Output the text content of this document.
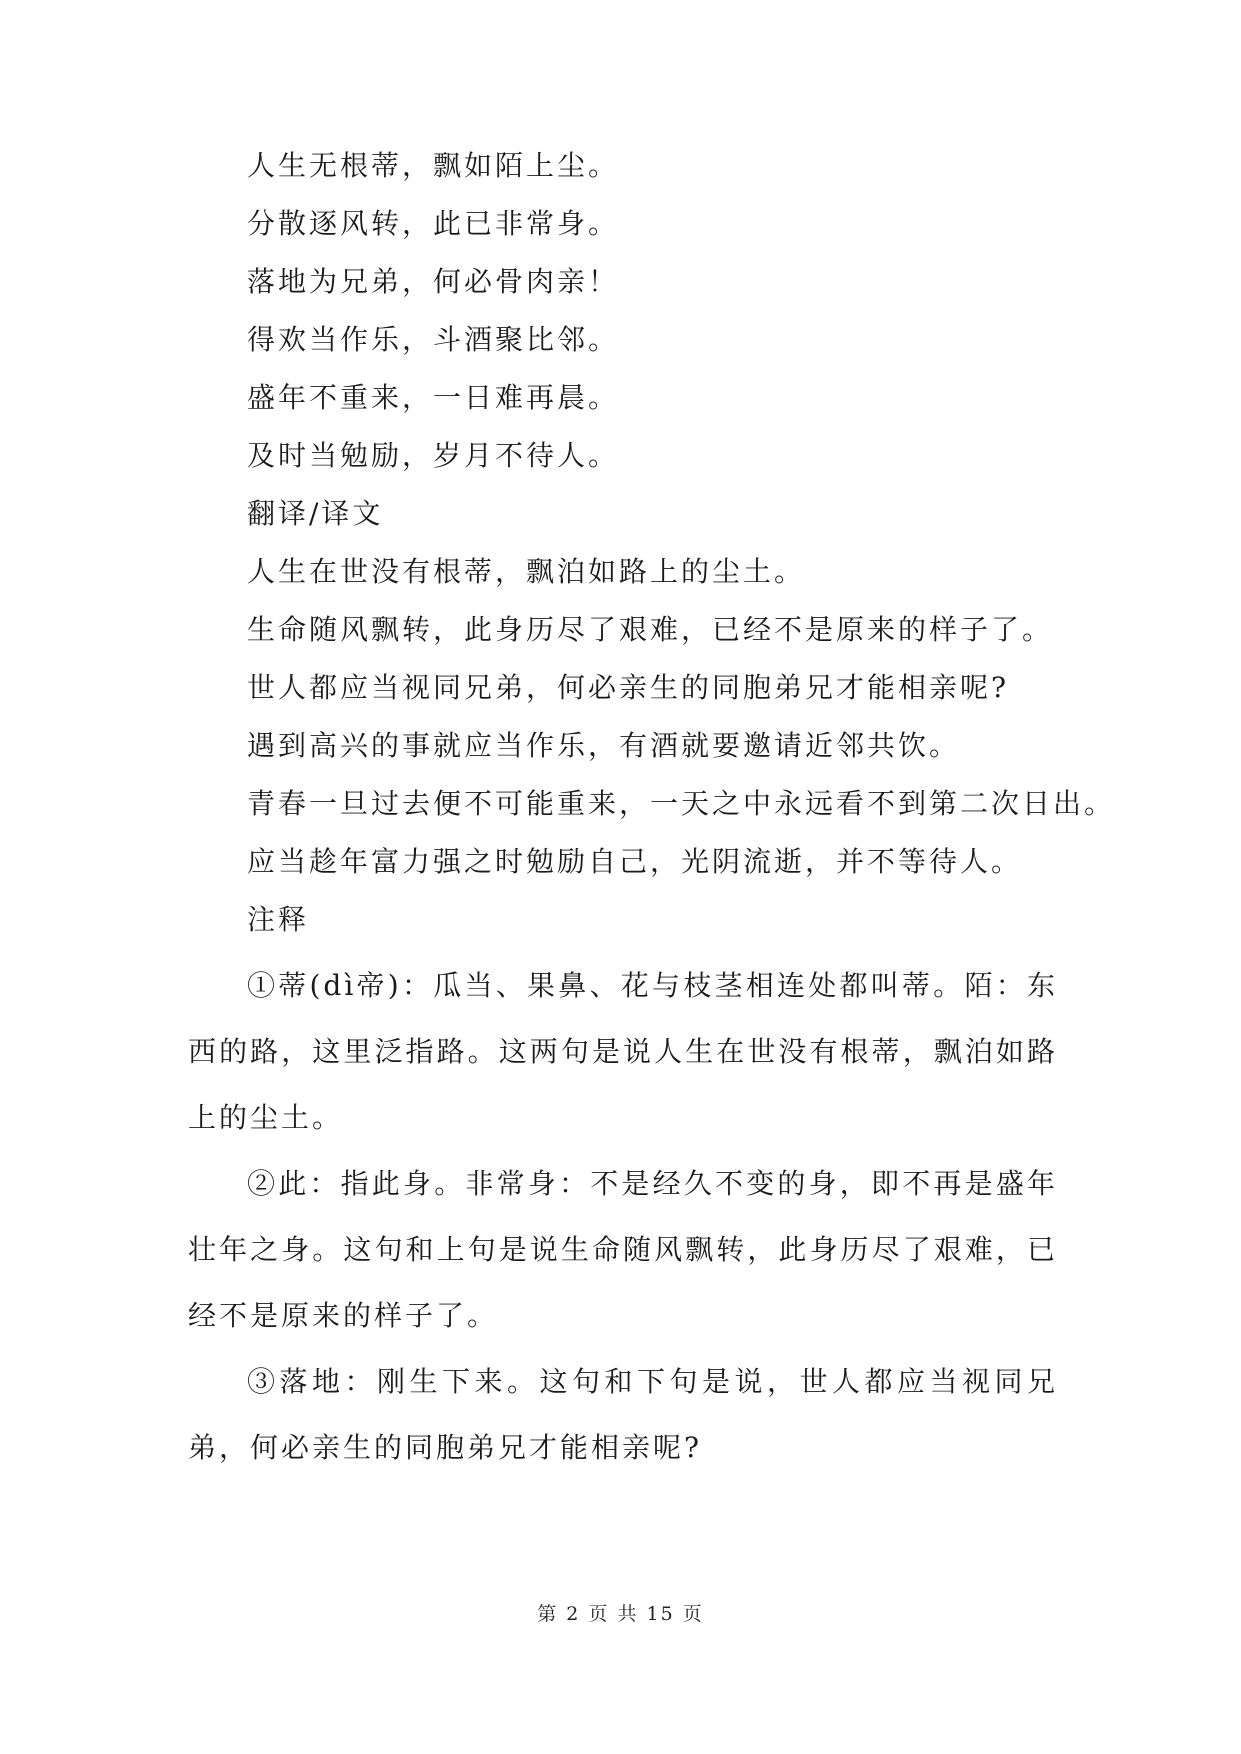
人生无根蒂，飘如陌上尘。
分散逐风转，此已非常身。
落地为兄弟，何必骨肉亲！
得欢当作乐，斗酒聚比邻。
盛年不重来，一日难再晨。
及时当勉励，岁月不待人。
翻译/译文
人生在世没有根蒂，飘泊如路上的尘土。
生命随风飘转，此身历尽了艰难，已经不是原来的样子了。
世人都应当视同兄弟，何必亲生的同胞弟兄才能相亲呢?
遇到高兴的事就应当作乐，有酒就要邀请近邻共饮。
青春一旦过去便不可能重来，一天之中永远看不到第二次日出。
应当趁年富力强之时勉励自己，光阴流逝，并不等待人。
注释
①蒂(dì帝)：瓜当、果鼻、花与枝茎相连处都叫蒂。陌：东西的路，这里泛指路。这两句是说人生在世没有根蒂，飘泊如路上的尘土。
②此：指此身。非常身：不是经久不变的身，即不再是盛年壮年之身。这句和上句是说生命随风飘转，此身历尽了艰难，已经不是原来的样子了。
③落地：刚生下来。这句和下句是说，世人都应当视同兄弟，何必亲生的同胞弟兄才能相亲呢?
第 2 页 共 15 页
